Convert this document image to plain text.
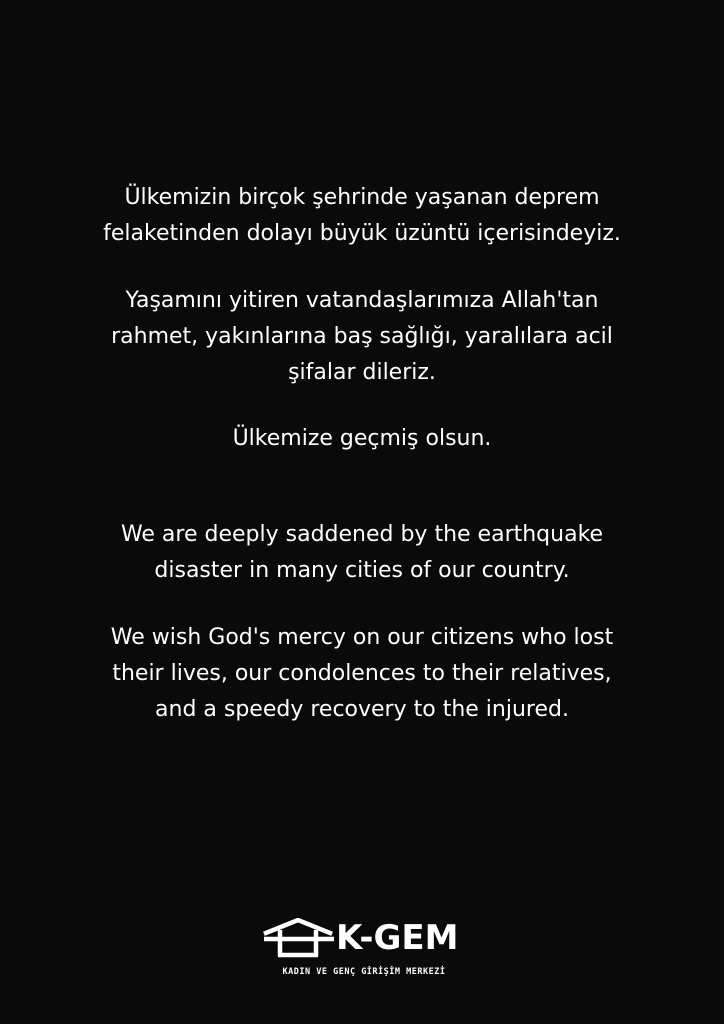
Ülkemizin birçok şehrinde yaşanan deprem
felaketinden dolayı büyük üzüntü içerisindeyiz.

Yaşamını yitiren vatandaşlarımıza Allah'tan
rahmet, yakınlarına baş sağlığı, yaralılara acil
şifalar dileriz.

Ülkemize geçmiş olsun.

We are deeply saddened by the earthquake
disaster in many cities of our country.

We wish God's mercy on our citizens who lost
their lives, our condolences to their relatives,
and a speedy recovery to the injured.

K-GEM
KADIN VE GENÇ GİRİŞİM MERKEZİ
